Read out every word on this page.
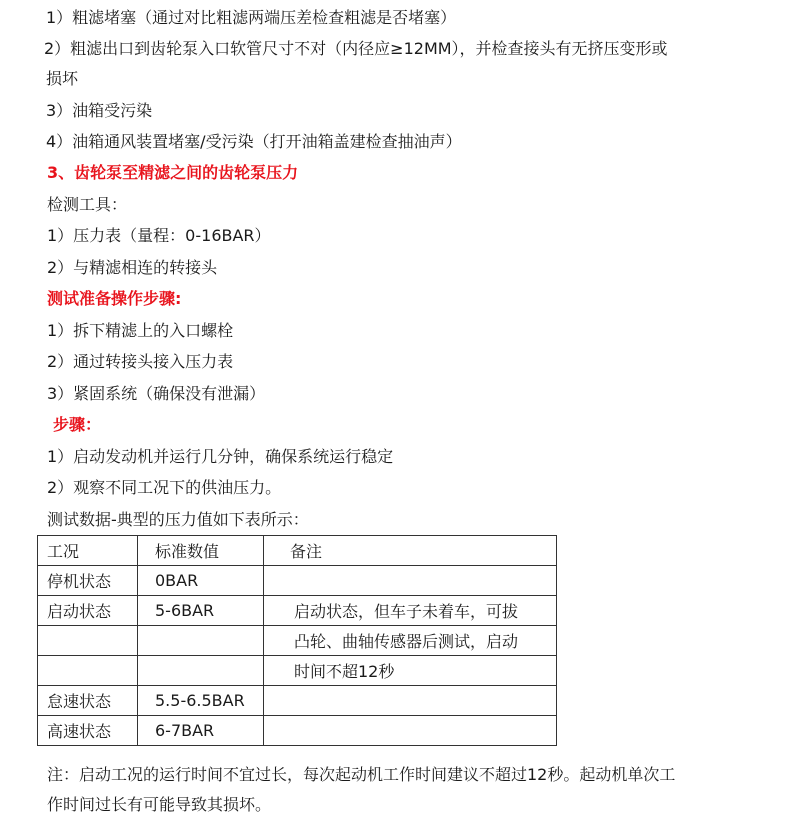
1）粗滤堵塞（通过对比粗滤两端压差检查粗滤是否堵塞）
2）粗滤出口到齿轮泵入口软管尺寸不对（内径应≥12MM），并检查接头有无挤压变形或
损坏
3）油箱受污染
4）油箱通风装置堵塞/受污染（打开油箱盖建检查抽油声）
3、齿轮泵至精滤之间的齿轮泵压力
检测工具：
1）压力表（量程：0-16BAR）
2）与精滤相连的转接头
测试准备操作步骤:
1）拆下精滤上的入口螺栓
2）通过转接头接入压力表
3）紧固系统（确保没有泄漏）
步骤：
1）启动发动机并运行几分钟，确保系统运行稳定
2）观察不同工况下的供油压力。
测试数据-典型的压力值如下表所示：
工况	标准数值	备注
停机状态	0BAR	
启动状态	5-6BAR	启动状态，但车子未着车，可拔
		凸轮、曲轴传感器后测试，启动
		时间不超12秒
怠速状态	5.5-6.5BAR	
高速状态	6-7BAR	
注：启动工况的运行时间不宜过长，每次起动机工作时间建议不超过12秒。起动机单次工
作时间过长有可能导致其损坏。
